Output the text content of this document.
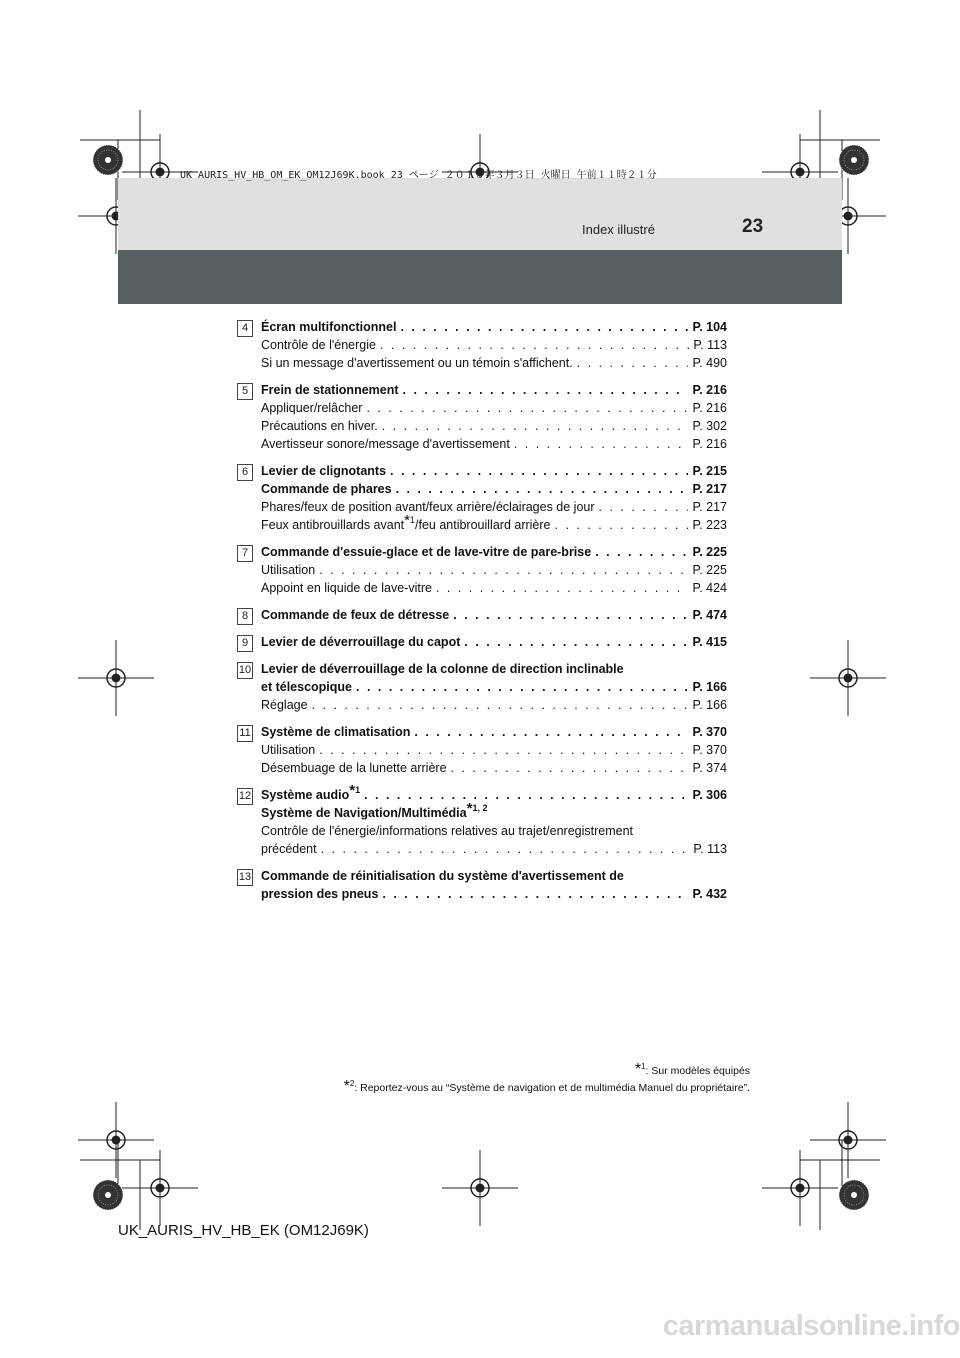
UK AURIS_HV_HB_OM_EK_OM12J69K.book 23 ページ ２０１５年３月３日 火曜日 午前１１時２１分
Index illustré	23
4	Écran multifonctionnel . . .	P. 104
Contrôle de l'énergie . . .	P. 113
Si un message d'avertissement ou un témoin s'affichent. . . .	P. 490
5	Frein de stationnement . . .	P. 216
Appliquer/relâcher . . .	P. 216
Précautions en hiver. . . .	P. 302
Avertisseur sonore/message d'avertissement . . .	P. 216
6	Levier de clignotants . . .	P. 215
Commande de phares . . .	P. 217
Phares/feux de position avant/feux arrière/éclairages de jour . . .	P. 217
Feux antibrouillards avant$^{*1}$/feu antibrouillard arrière . . .	P. 223
7	Commande d'essuie-glace et de lave-vitre de pare-brise . . .	P. 225
Utilisation . . .	P. 225
Appoint en liquide de lave-vitre . . .	P. 424
8	Commande de feux de détresse . . .	P. 474
9	Levier de déverrouillage du capot . . .	P. 415
10 Levier de déverrouillage de la colonne de direction inclinable
et télescopique . . .	P. 166
Réglage . . .	P. 166
11 Système de climatisation . . .	P. 370
Utilisation . . .	P. 370
Désembuage de la lunette arrière . . .	P. 374
12 Système audio$^{*1}$ . . .	P. 306
Système de Navigation/Multimédia$^{*1, 2}$
Contrôle de l'énergie/informations relatives au trajet/enregistrement
précédent . . .	P. 113
13 Commande de réinitialisation du système d'avertissement de
pression des pneus . . .	P. 432
*$^1$: Sur modèles équipés
*$^2$: Reportez-vous au “Système de navigation et de multimédia Manuel du propriétaire”.
UK_AURIS_HV_HB_EK (OM12J69K)
carmanualsonline.info
